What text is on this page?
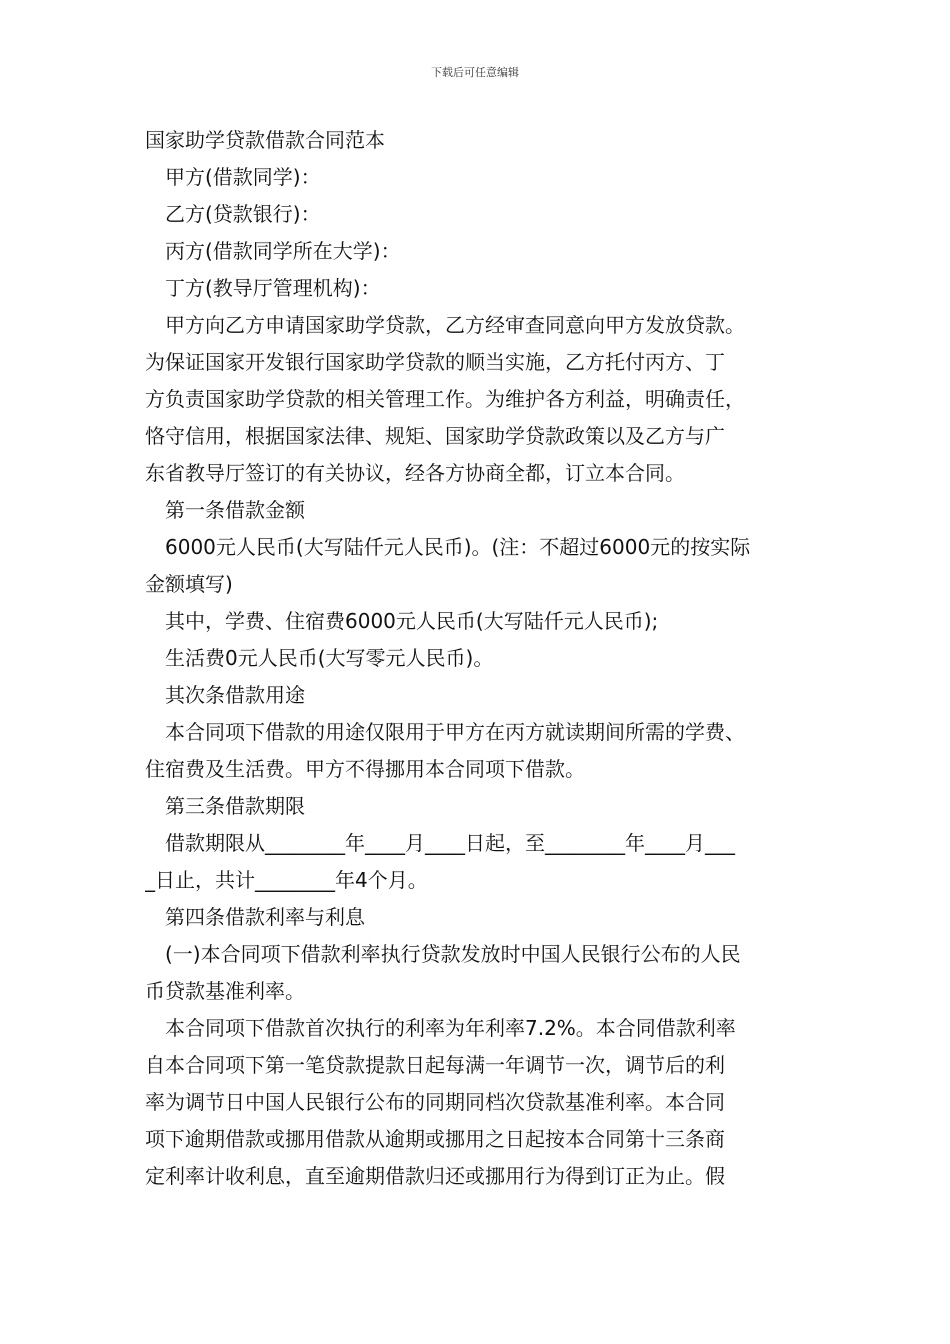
下载后可任意编辑
国家助学贷款借款合同范本
甲方(借款同学)：
乙方(贷款银行)：
丙方(借款同学所在大学)：
丁方(教导厅管理机构)：
甲方向乙方申请国家助学贷款，乙方经审查同意向甲方发放贷款。
为保证国家开发银行国家助学贷款的顺当实施，乙方托付丙方、丁
方负责国家助学贷款的相关管理工作。为维护各方利益，明确责任，
恪守信用，根据国家法律、规矩、国家助学贷款政策以及乙方与广
东省教导厅签订的有关协议，经各方协商全都，订立本合同。
第一条借款金额
6000元人民币(大写陆仟元人民币)。(注：不超过6000元的按实际
金额填写)
其中，学费、住宿费6000元人民币(大写陆仟元人民币);
生活费0元人民币(大写零元人民币)。
其次条借款用途
本合同项下借款的用途仅限用于甲方在丙方就读期间所需的学费、
住宿费及生活费。甲方不得挪用本合同项下借款。
第三条借款期限
借款期限从________年____月____日起，至________年____月___
_日止，共计________年4个月。
第四条借款利率与利息
(一)本合同项下借款利率执行贷款发放时中国人民银行公布的人民
币贷款基准利率。
本合同项下借款首次执行的利率为年利率7.2%。本合同借款利率
自本合同项下第一笔贷款提款日起每满一年调节一次，调节后的利
率为调节日中国人民银行公布的同期同档次贷款基准利率。本合同
项下逾期借款或挪用借款从逾期或挪用之日起按本合同第十三条商
定利率计收利息，直至逾期借款归还或挪用行为得到订正为止。假
